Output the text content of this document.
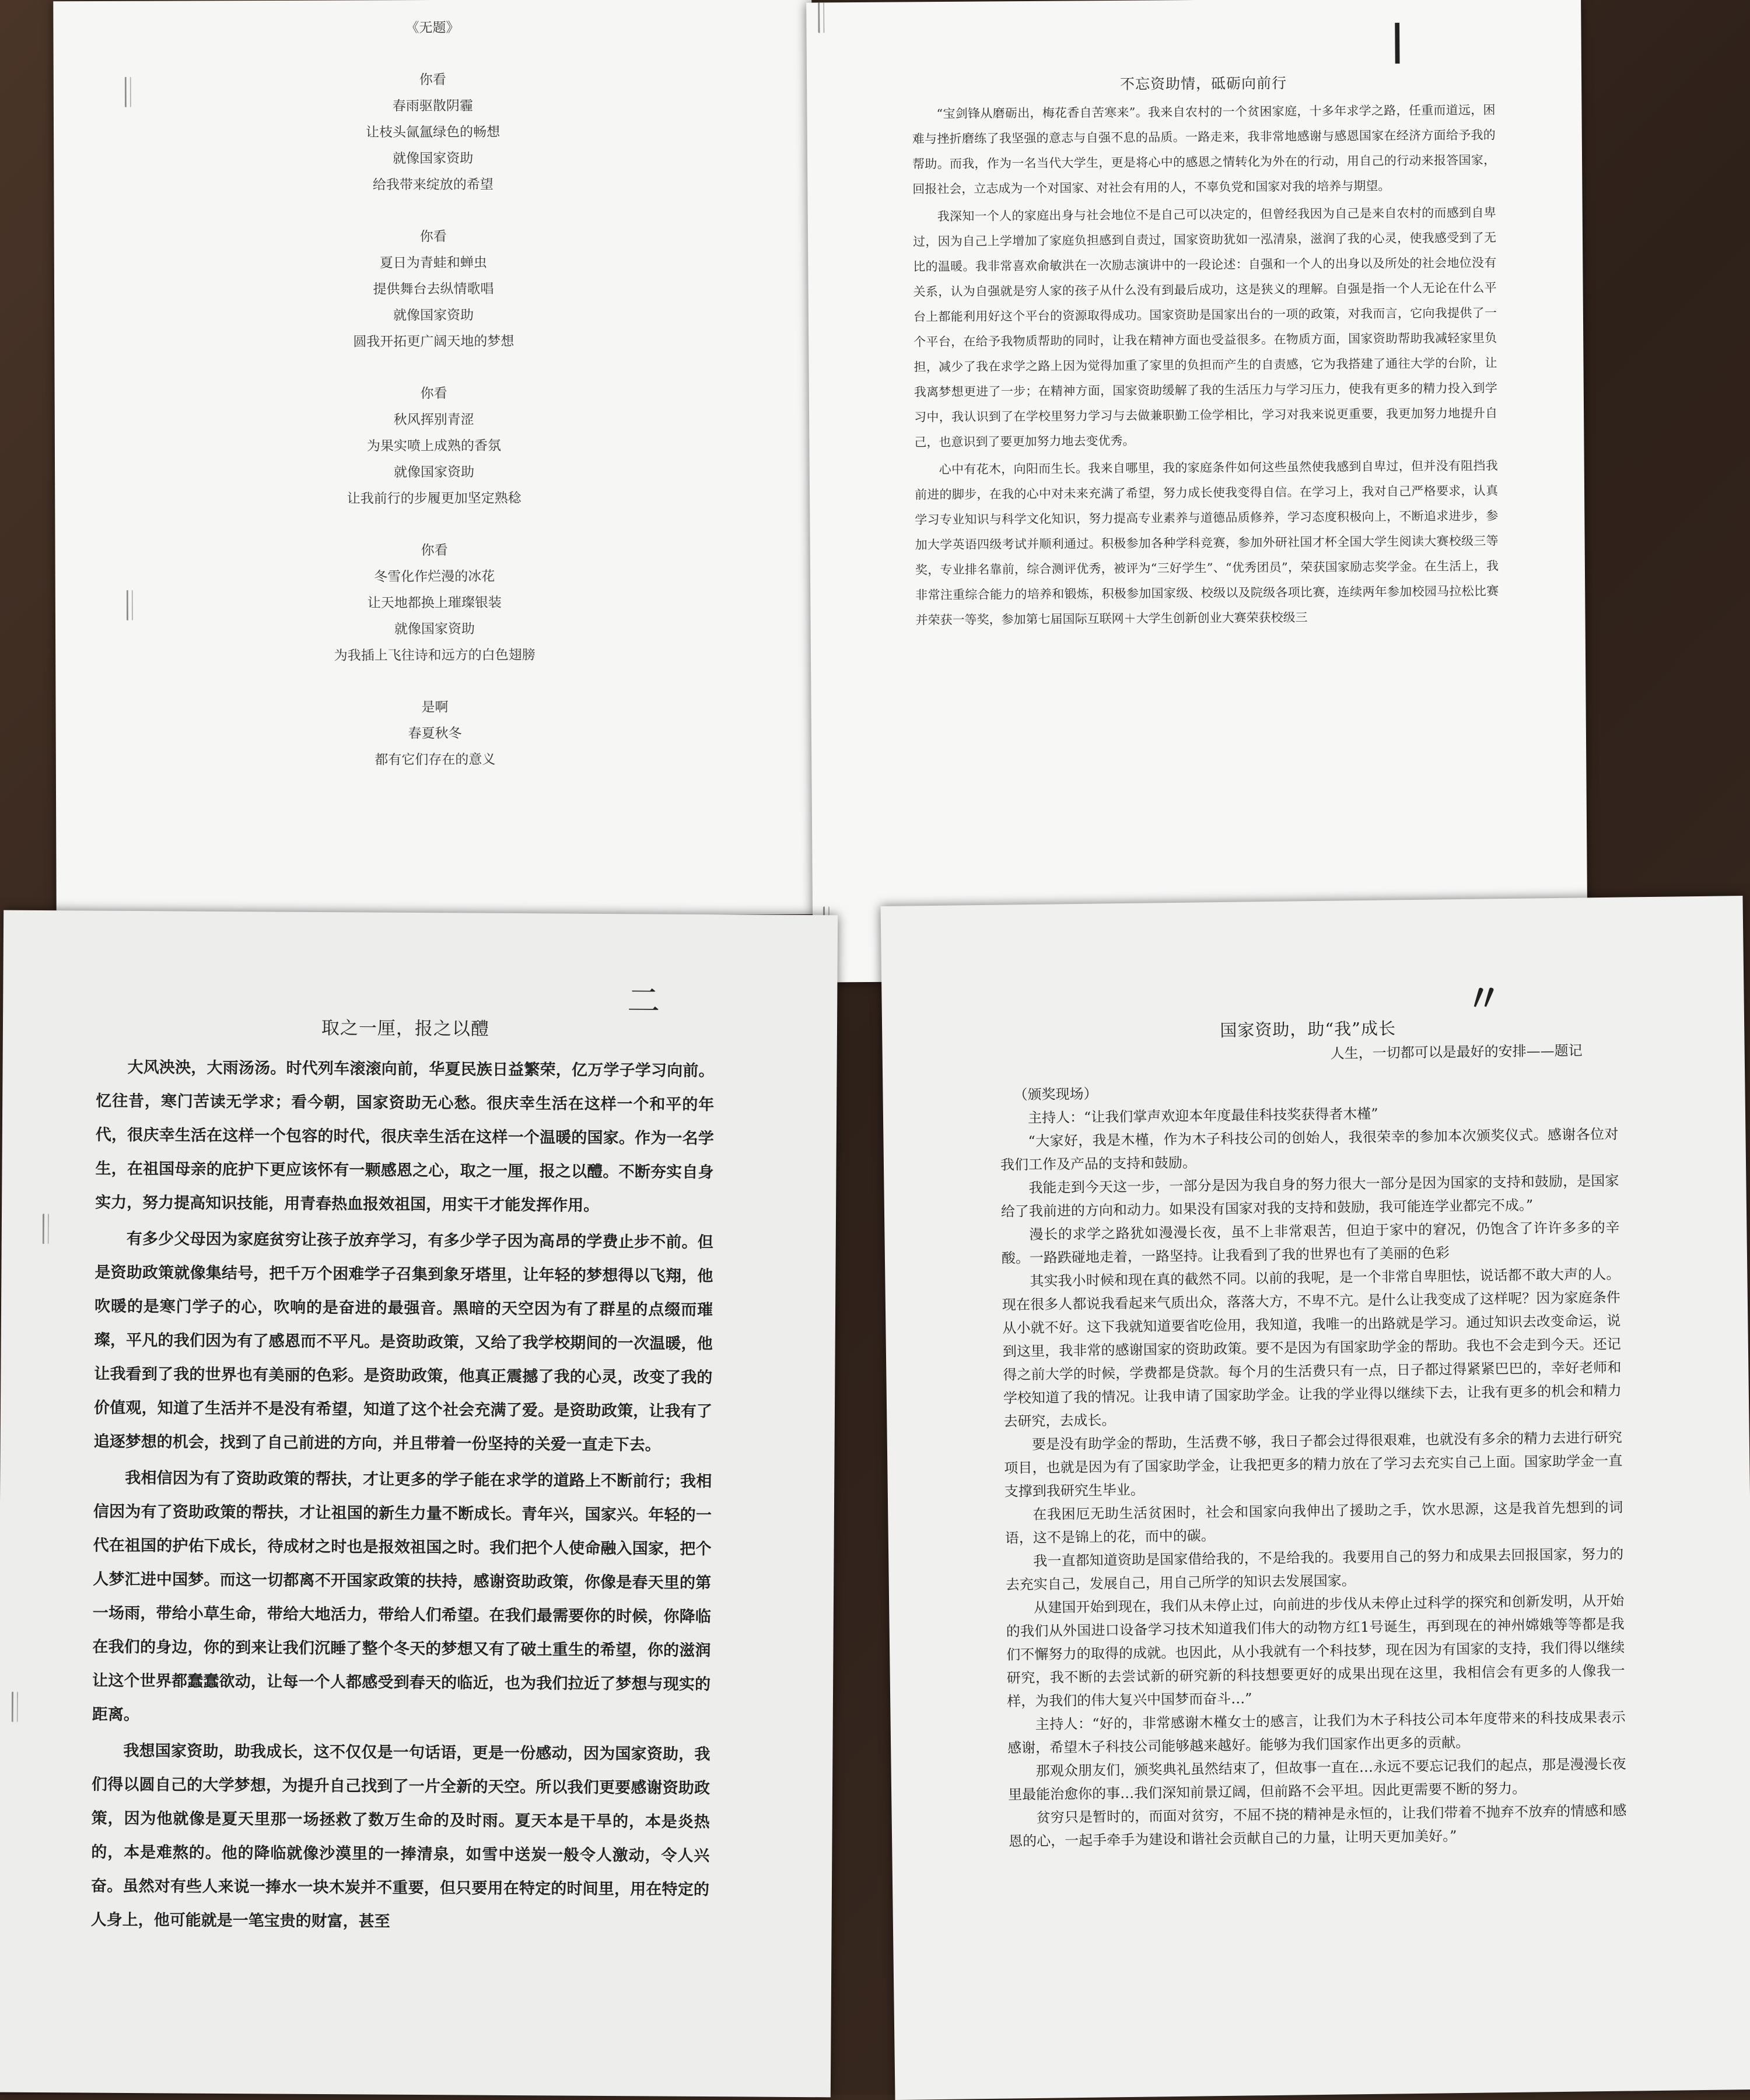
《无题》
你看
春雨驱散阴霾
让枝头氤氲绿色的畅想
就像国家资助
给我带来绽放的希望
你看
夏日为青蛙和蝉虫
提供舞台去纵情歌唱
就像国家资助
圆我开拓更广阔天地的梦想
你看
秋风挥别青涩
为果实喷上成熟的香氛
就像国家资助
让我前行的步履更加坚定熟稔
你看
冬雪化作烂漫的冰花
让天地都换上璀璨银装
就像国家资助
为我插上飞往诗和远方的白色翅膀
是啊
春夏秋冬
都有它们存在的意义
|
不忘资助情，砥砺向前行

“宝剑锋从磨砺出，梅花香自苦寒来”。我来自农村的一个贫困家庭，十多年求学之路，任重而道远，困难与挫折磨练了我坚强的意志与自强不息的品质。一路走来，我非常地感谢与感恩国家在经济方面给予我的帮助。而我，作为一名当代大学生，更是将心中的感恩之情转化为外在的行动，用自己的行动来报答国家，回报社会，立志成为一个对国家、对社会有用的人，不辜负党和国家对我的培养与期望。

我深知一个人的家庭出身与社会地位不是自己可以决定的，但曾经我因为自己是来自农村的而感到自卑过，因为自己上学增加了家庭负担感到自责过，国家资助犹如一泓清泉，滋润了我的心灵，使我感受到了无比的温暖。我非常喜欢俞敏洪在一次励志演讲中的一段论述：自强和一个人的出身以及所处的社会地位没有关系，认为自强就是穷人家的孩子从什么没有到最后成功，这是狭义的理解。自强是指一个人无论在什么平台上都能利用好这个平台的资源取得成功。国家资助是国家出台的一项的政策，对我而言，它向我提供了一个平台，在给予我物质帮助的同时，让我在精神方面也受益很多。在物质方面，国家资助帮助我减轻家里负担，减少了我在求学之路上因为觉得加重了家里的负担而产生的自责感，它为我搭建了通往大学的台阶，让我离梦想更进了一步；在精神方面，国家资助缓解了我的生活压力与学习压力，使我有更多的精力投入到学习中，我认识到了在学校里努力学习与去做兼职勤工俭学相比，学习对我来说更重要，我更加努力地提升自己，也意识到了要更加努力地去变优秀。

心中有花木，向阳而生长。我来自哪里，我的家庭条件如何这些虽然使我感到自卑过，但并没有阻挡我前进的脚步，在我的心中对未来充满了希望，努力成长使我变得自信。在学习上，我对自己严格要求，认真学习专业知识与科学文化知识，努力提高专业素养与道德品质修养，学习态度积极向上，不断追求进步，参加大学英语四级考试并顺利通过。积极参加各种学科竞赛，参加外研社国才杯全国大学生阅读大赛校级三等奖，专业排名靠前，综合测评优秀，被评为“三好学生”、“优秀团员”，荣获国家励志奖学金。在生活上，我非常注重综合能力的培养和锻炼，积极参加国家级、校级以及院级各项比赛，连续两年参加校园马拉松比赛并荣获一等奖，参加第七届国际互联网＋大学生创新创业大赛荣获校级三

二
取之一厘，报之以醴

大风泱泱，大雨汤汤。时代列车滚滚向前，华夏民族日益繁荣，亿万学子学习向前。忆往昔，寒门苦读无学求；看今朝，国家资助无心愁。很庆幸生活在这样一个和平的年代，很庆幸生活在这样一个包容的时代，很庆幸生活在这样一个温暖的国家。作为一名学生，在祖国母亲的庇护下更应该怀有一颗感恩之心，取之一厘，报之以醴。不断夯实自身实力，努力提高知识技能，用青春热血报效祖国，用实干才能发挥作用。

有多少父母因为家庭贫穷让孩子放弃学习，有多少学子因为高昂的学费止步不前。但是资助政策就像集结号，把千万个困难学子召集到象牙塔里，让年轻的梦想得以飞翔，他吹暖的是寒门学子的心，吹响的是奋进的最强音。黑暗的天空因为有了群星的点缀而璀璨，平凡的我们因为有了感恩而不平凡。是资助政策，又给了我学校期间的一次温暖，他让我看到了我的世界也有美丽的色彩。是资助政策，他真正震撼了我的心灵，改变了我的价值观，知道了生活并不是没有希望，知道了这个社会充满了爱。是资助政策，让我有了追逐梦想的机会，找到了自己前进的方向，并且带着一份坚持的关爱一直走下去。

我相信因为有了资助政策的帮扶，才让更多的学子能在求学的道路上不断前行；我相信因为有了资助政策的帮扶，才让祖国的新生力量不断成长。青年兴，国家兴。年轻的一代在祖国的护佑下成长，待成材之时也是报效祖国之时。我们把个人使命融入国家，把个人梦汇进中国梦。而这一切都离不开国家政策的扶持，感谢资助政策，你像是春天里的第一场雨，带给小草生命，带给大地活力，带给人们希望。在我们最需要你的时候，你降临在我们的身边，你的到来让我们沉睡了整个冬天的梦想又有了破土重生的希望，你的滋润让这个世界都蠢蠢欲动，让每一个人都感受到春天的临近，也为我们拉近了梦想与现实的距离。

我想国家资助，助我成长，这不仅仅是一句话语，更是一份感动，因为国家资助，我们得以圆自己的大学梦想，为提升自己找到了一片全新的天空。所以我们更要感谢资助政策，因为他就像是夏天里那一场拯救了数万生命的及时雨。夏天本是干旱的，本是炎热的，本是难熬的。他的降临就像沙漠里的一捧清泉，如雪中送炭一般令人激动，令人兴奋。虽然对有些人来说一捧水一块木炭并不重要，但只要用在特定的时间里，用在特定的人身上，他可能就是一笔宝贵的财富，甚至

〃
国家资助，助“我”成长
人生，一切都可以是最好的安排——题记

（颁奖现场）

主持人：“让我们掌声欢迎本年度最佳科技奖获得者木槿”

“大家好，我是木槿，作为木子科技公司的创始人，我很荣幸的参加本次颁奖仪式。感谢各位对我们工作及产品的支持和鼓励。

我能走到今天这一步，一部分是因为我自身的努力很大一部分是因为国家的支持和鼓励，是国家给了我前进的方向和动力。如果没有国家对我的支持和鼓励，我可能连学业都完不成。”

漫长的求学之路犹如漫漫长夜，虽不上非常艰苦，但迫于家中的窘况，仍饱含了许许多多的辛酸。一路跌碰地走着，一路坚持。让我看到了我的世界也有了美丽的色彩

其实我小时候和现在真的截然不同。以前的我呢，是一个非常自卑胆怯，说话都不敢大声的人。现在很多人都说我看起来气质出众，落落大方，不卑不亢。是什么让我变成了这样呢？因为家庭条件从小就不好。这下我就知道要省吃俭用，我知道，我唯一的出路就是学习。通过知识去改变命运，说到这里，我非常的感谢国家的资助政策。要不是因为有国家助学金的帮助。我也不会走到今天。还记得之前大学的时候，学费都是贷款。每个月的生活费只有一点，日子都过得紧紧巴巴的，幸好老师和学校知道了我的情况。让我申请了国家助学金。让我的学业得以继续下去，让我有更多的机会和精力去研究，去成长。

要是没有助学金的帮助，生活费不够，我日子都会过得很艰难，也就没有多余的精力去进行研究项目，也就是因为有了国家助学金，让我把更多的精力放在了学习去充实自己上面。国家助学金一直支撑到我研究生毕业。

在我困厄无助生活贫困时，社会和国家向我伸出了援助之手，饮水思源，这是我首先想到的词语，这不是锦上的花，而中的碳。

我一直都知道资助是国家借给我的，不是给我的。我要用自己的努力和成果去回报国家，努力的去充实自己，发展自己，用自己所学的知识去发展国家。

从建国开始到现在，我们从未停止过，向前进的步伐从未停止过科学的探究和创新发明，从开始的我们从外国进口设备学习技术知道我们伟大的动物方红1号诞生，再到现在的神州嫦娥等等都是我们不懈努力的取得的成就。也因此，从小我就有一个科技梦，现在因为有国家的支持，我们得以继续研究，我不断的去尝试新的研究新的科技想要更好的成果出现在这里，我相信会有更多的人像我一样，为我们的伟大复兴中国梦而奋斗…”

主持人：“好的，非常感谢木槿女士的感言，让我们为木子科技公司本年度带来的科技成果表示感谢，希望木子科技公司能够越来越好。能够为我们国家作出更多的贡献。

那观众朋友们，颁奖典礼虽然结束了，但故事一直在…永远不要忘记我们的起点，那是漫漫长夜里最能治愈你的事…我们深知前景辽阔，但前路不会平坦。因此更需要不断的努力。

贫穷只是暂时的，而面对贫穷，不屈不挠的精神是永恒的，让我们带着不抛弃不放弃的情感和感恩的心，一起手牵手为建设和谐社会贡献自己的力量，让明天更加美好。”
